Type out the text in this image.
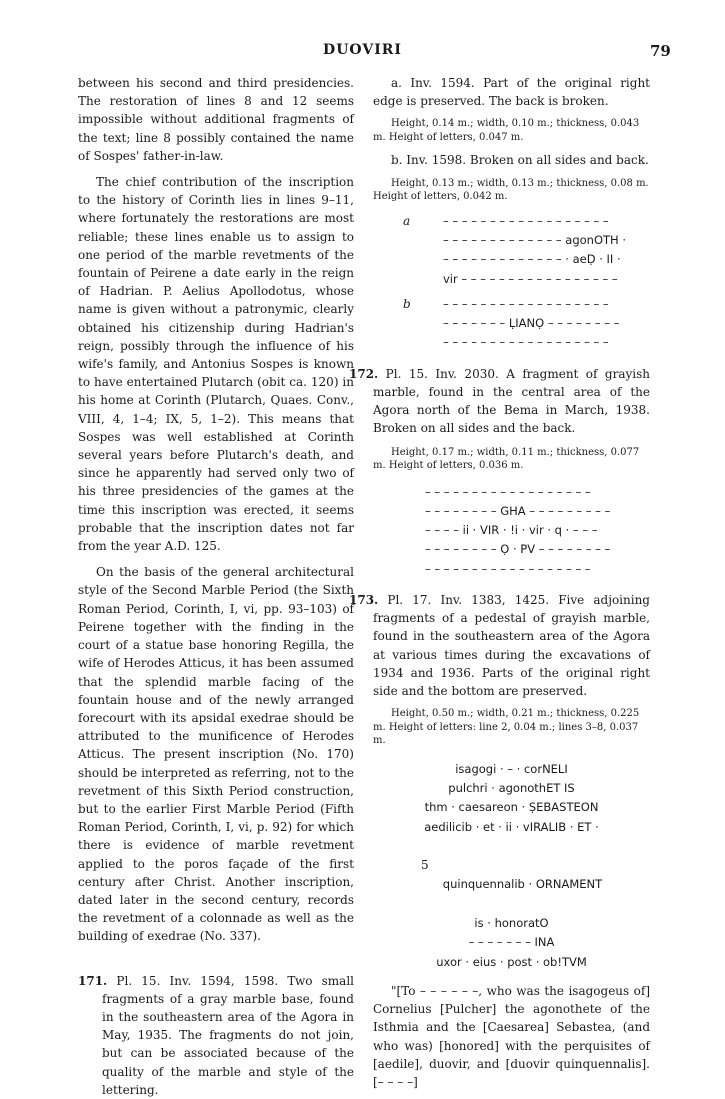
DUOVIRI	79

between his second and third presidencies. The restoration of lines 8 and 12 seems impossible without additional fragments of the text; line 8 possibly contained the name of Sospes' father-in-law.

The chief contribution of the inscription to the history of Corinth lies in lines 9–11, where fortunately the restorations are most reliable; these lines enable us to assign to one period of the marble revetments of the fountain of Peirene a date early in the reign of Hadrian. P. Aelius Apollodotus, whose name is given without a patronymic, clearly obtained his citizenship during Hadrian's reign, possibly through the influence of his wife's family, and Antonius Sospes is known to have entertained Plutarch (obit ca. 120) in his home at Corinth (Plutarch, Quaes. Conv., VIII, 4, 1–4; IX, 5, 1–2). This means that Sospes was well established at Corinth several years before Plutarch's death, and since he apparently had served only two of his three presidencies of the games at the time this inscription was erected, it seems probable that the inscription dates not far from the year A.D. 125.

On the basis of the general architectural style of the Second Marble Period (the Sixth Roman Period, Corinth, I, vi, pp. 93–103) of Peirene together with the finding in the court of a statue base honoring Regilla, the wife of Herodes Atticus, it has been assumed that the splendid marble facing of the fountain house and of the newly arranged forecourt with its apsidal exedrae should be attributed to the munificence of Herodes Atticus. The present inscription (No. 170) should be interpreted as referring, not to the revetment of this Sixth Period construction, but to the earlier First Marble Period (Fifth Roman Period, Corinth, I, vi, p. 92) for which there is evidence of marble revetment applied to the poros façade of the first century after Christ. Another inscription, dated later in the second century, records the revetment of a colonnade as well as the building of exedrae (No. 337).

171. Pl. 15. Inv. 1594, 1598. Two small fragments of a gray marble base, found in the southeastern area of the Agora in May, 1935. The fragments do not join, but can be associated because of the quality of the marble and style of the lettering.

a. Inv. 1594. Part of the original right edge is preserved. The back is broken.

Height, 0.14 m.; width, 0.10 m.; thickness, 0.043 m. Height of letters, 0.047 m.

b. Inv. 1598. Broken on all sides and back.

Height, 0.13 m.; width, 0.13 m.; thickness, 0.08 m. Height of letters, 0.042 m.

a	– – – – – – – – – – – – – – – – – –
– – – – – – – – – – – – – agonOTH ·
– – – – – – – – – – – – – · aeḌ · II ·
vir – – – – – – – – – – – – – – – – –
b	– – – – – – – – – – – – – – – – – –
– – – – – – – ḶIANỌ – – – – – – – –
– – – – – – – – – – – – – – – – – –

172. Pl. 15. Inv. 2030. A fragment of grayish marble, found in the central area of the Agora north of the Bema in March, 1938. Broken on all sides and the back.

Height, 0.17 m.; width, 0.11 m.; thickness, 0.077 m. Height of letters, 0.036 m.

– – – – – – – – – – – – – – – – – –
– – – – – – – – GHA – – – – – – – – –
– – – – ii · VIR · !i · vir · q · – – –
– – – – – – – – Ọ · PV – – – – – – – –
– – – – – – – – – – – – – – – – – –

173. Pl. 17. Inv. 1383, 1425. Five adjoining fragments of a pedestal of grayish marble, found in the southeastern area of the Agora at various times during the excavations of 1934 and 1936. Parts of the original right side and the bottom are preserved.

Height, 0.50 m.; width, 0.21 m.; thickness, 0.225 m. Height of letters: line 2, 0.04 m.; lines 3–8, 0.037 m.

isagogi · – · corNELI
pulchri · agonothET IS
thm · caesareon · ṢEBASTEON
aedilicib · et · ii · vIRALIB · ET ·

5

quinquennalib · ORNAMENT

is · honoratO
– – – – – – – INA
uxor · eius · post · ob!TVM

"[To – – – – – –, who was the isagogeus of] Cornelius [Pulcher] the agonothete of the Isthmia and the [Caesarea] Sebastea, (and who was) [honored] with the perquisites of [aedile], duovir, and [duovir quinquennalis]. [– – – –]
